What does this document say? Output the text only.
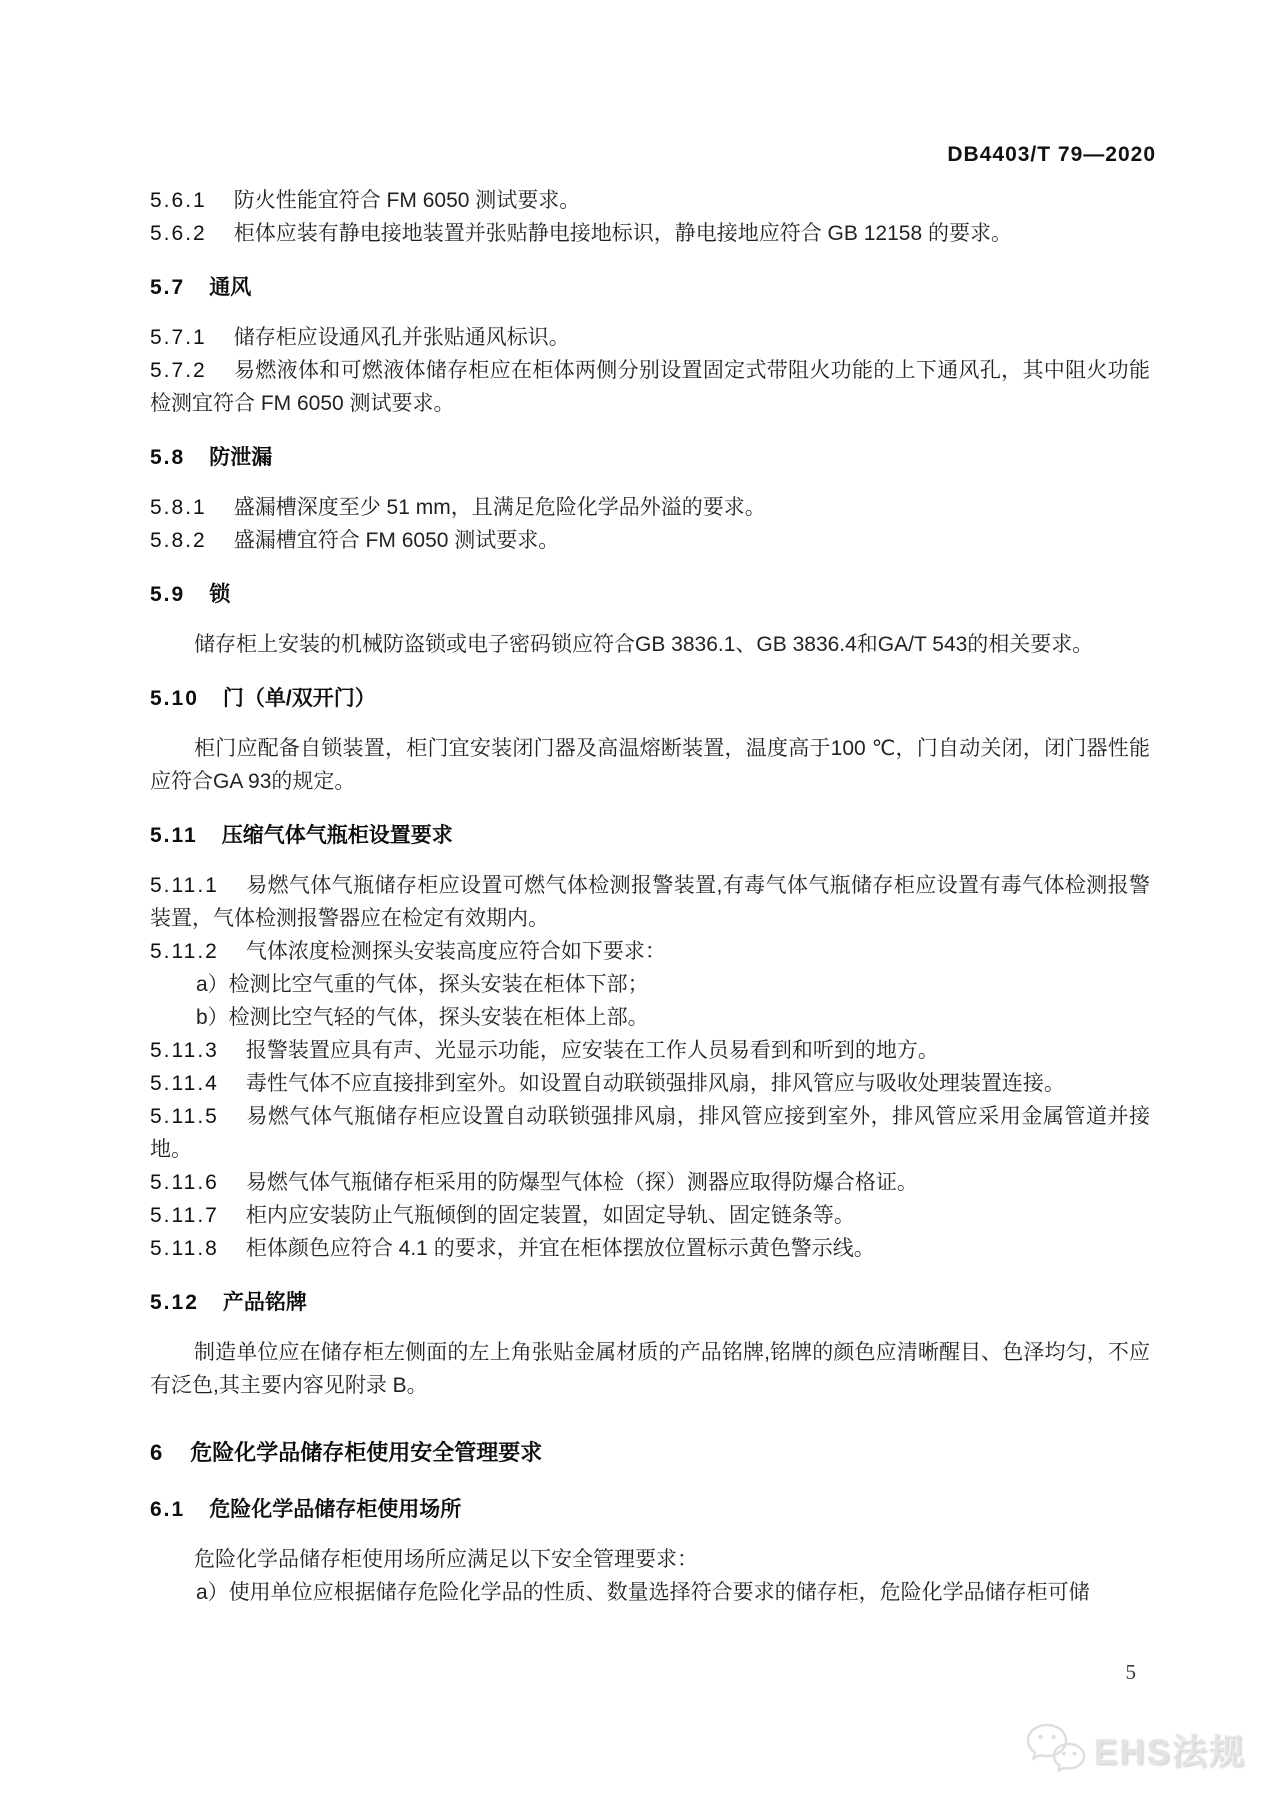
DB4403/T 79—2020

5.6.1 防火性能宜符合 FM 6050 测试要求。

5.6.2 柜体应装有静电接地装置并张贴静电接地标识，静电接地应符合 GB 12158 的要求。

5.7 通风

5.7.1 储存柜应设通风孔并张贴通风标识。

5.7.2 易燃液体和可燃液体储存柜应在柜体两侧分别设置固定式带阻火功能的上下通风孔，其中阻火功能检测宜符合 FM 6050 测试要求。

5.8 防泄漏

5.8.1 盛漏槽深度至少 51 mm，且满足危险化学品外溢的要求。

5.8.2 盛漏槽宜符合 FM 6050 测试要求。

5.9 锁

储存柜上安装的机械防盗锁或电子密码锁应符合GB 3836.1、GB 3836.4和GA/T 543的相关要求。

5.10 门（单/双开门）

柜门应配备自锁装置，柜门宜安装闭门器及高温熔断装置，温度高于100 ℃，门自动关闭，闭门器性能应符合GA 93的规定。

5.11 压缩气体气瓶柜设置要求

5.11.1 易燃气体气瓶储存柜应设置可燃气体检测报警装置,有毒气体气瓶储存柜应设置有毒气体检测报警装置，气体检测报警器应在检定有效期内。

5.11.2 气体浓度检测探头安装高度应符合如下要求：

a）检测比空气重的气体，探头安装在柜体下部；

b）检测比空气轻的气体，探头安装在柜体上部。

5.11.3 报警装置应具有声、光显示功能，应安装在工作人员易看到和听到的地方。

5.11.4 毒性气体不应直接排到室外。如设置自动联锁强排风扇，排风管应与吸收处理装置连接。

5.11.5 易燃气体气瓶储存柜应设置自动联锁强排风扇，排风管应接到室外，排风管应采用金属管道并接地。

5.11.6 易燃气体气瓶储存柜采用的防爆型气体检（探）测器应取得防爆合格证。

5.11.7 柜内应安装防止气瓶倾倒的固定装置，如固定导轨、固定链条等。

5.11.8 柜体颜色应符合 4.1 的要求，并宜在柜体摆放位置标示黄色警示线。

5.12 产品铭牌

制造单位应在储存柜左侧面的左上角张贴金属材质的产品铭牌,铭牌的颜色应清晰醒目、色泽均匀，不应有泛色,其主要内容见附录 B。

6 危险化学品储存柜使用安全管理要求

6.1 危险化学品储存柜使用场所

危险化学品储存柜使用场所应满足以下安全管理要求：

a）使用单位应根据储存危险化学品的性质、数量选择符合要求的储存柜，危险化学品储存柜可储

5
EHS法规
